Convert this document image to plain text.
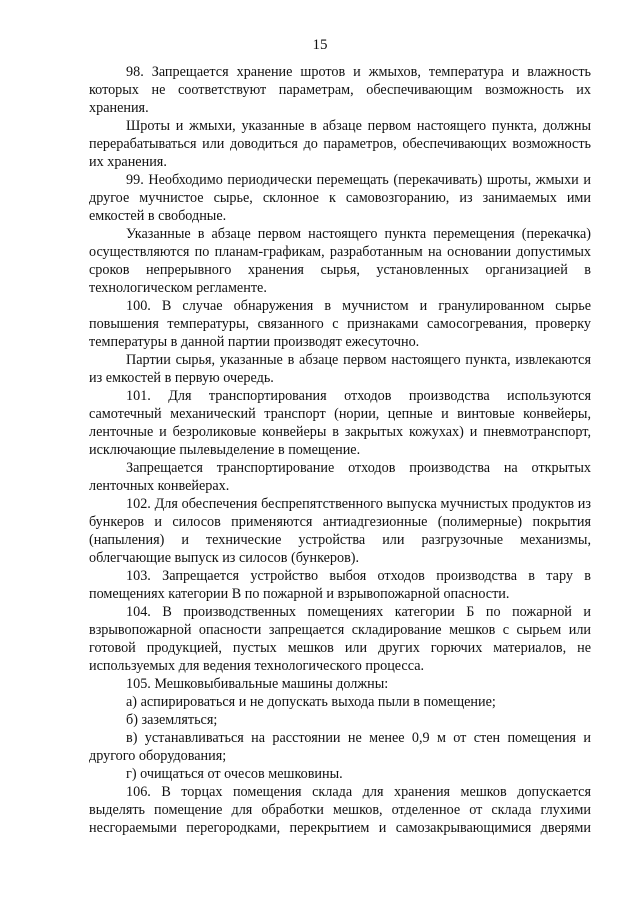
15

98. Запрещается хранение шротов и жмыхов, температура и влажность которых не соответствуют параметрам, обеспечивающим возможность их хранения.

Шроты и жмыхи, указанные в абзаце первом настоящего пункта, должны перерабатываться или доводиться до параметров, обеспечивающих возможность их хранения.

99. Необходимо периодически перемещать (перекачивать) шроты, жмыхи и другое мучнистое сырье, склонное к самовозгоранию, из занимаемых ими емкостей в свободные.

Указанные в абзаце первом настоящего пункта перемещения (перекачка) осуществляются по планам-графикам, разработанным на основании допустимых сроков непрерывного хранения сырья, установленных организацией в технологическом регламенте.

100. В случае обнаружения в мучнистом и гранулированном сырье повышения температуры, связанного с признаками самосогревания, проверку температуры в данной партии производят ежесуточно.

Партии сырья, указанные в абзаце первом настоящего пункта, извлекаются из емкостей в первую очередь.

101. Для транспортирования отходов производства используются самотечный механический транспорт (нории, цепные и винтовые конвейеры, ленточные и безроликовые конвейеры в закрытых кожухах) и пневмотранспорт, исключающие пылевыделение в помещение.

Запрещается транспортирование отходов производства на открытых ленточных конвейерах.

102. Для обеспечения беспрепятственного выпуска мучнистых продуктов из бункеров и силосов применяются антиадгезионные (полимерные) покрытия (напыления) и технические устройства или разгрузочные механизмы, облегчающие выпуск из силосов (бункеров).

103. Запрещается устройство выбоя отходов производства в тару в помещениях категории В по пожарной и взрывопожарной опасности.

104. В производственных помещениях категории Б по пожарной и взрывопожарной опасности запрещается складирование мешков с сырьем или готовой продукцией, пустых мешков или других горючих материалов, не используемых для ведения технологического процесса.

105. Мешковыбивальные машины должны:

а) аспирироваться и не допускать выхода пыли в помещение;

б) заземляться;

в) устанавливаться на расстоянии не менее 0,9 м от стен помещения и другого оборудования;

г) очищаться от очесов мешковины.

106. В торцах помещения склада для хранения мешков допускается выделять помещение для обработки мешков, отделенное от склада глухими несгораемыми перегородками, перекрытием и самозакрывающимися дверями
